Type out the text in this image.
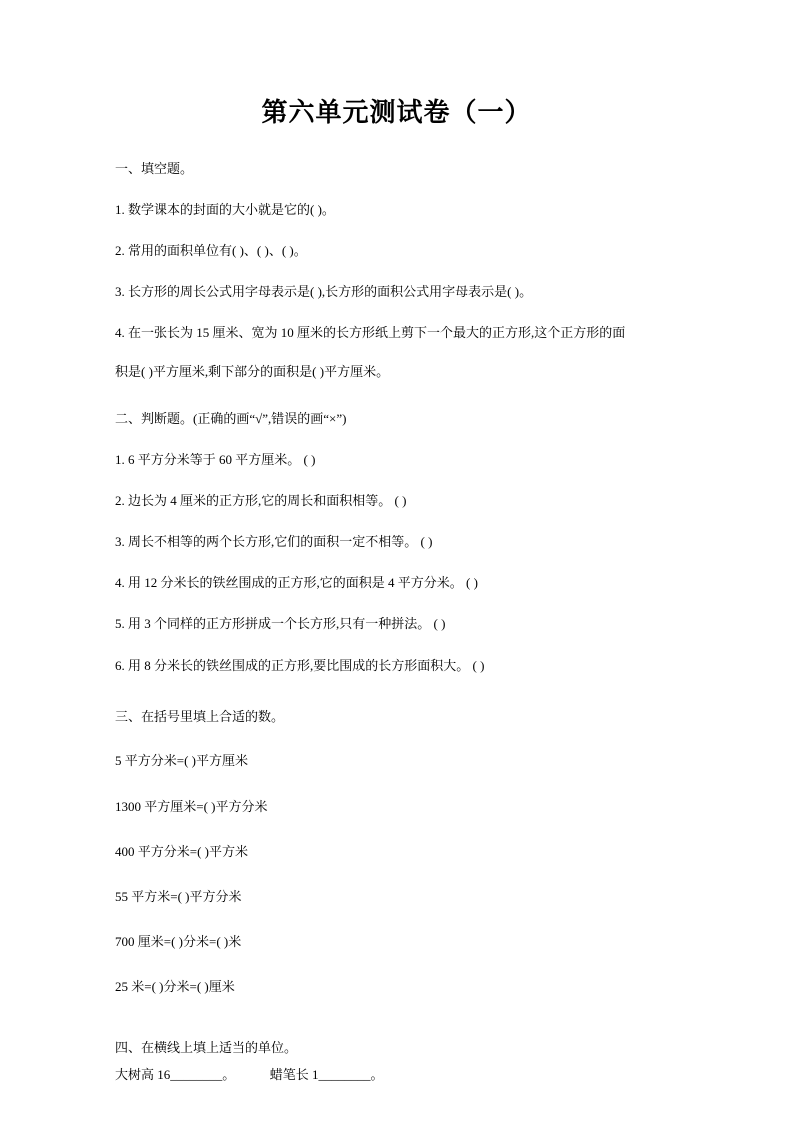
第六单元测试卷（一）
一、填空题。
1. 数学课本的封面的大小就是它的( )。
2. 常用的面积单位有( )、( )、( )。
3. 长方形的周长公式用字母表示是( ),长方形的面积公式用字母表示是( )。
4. 在一张长为 15 厘米、宽为 10 厘米的长方形纸上剪下一个最大的正方形,这个正方形的面
积是( )平方厘米,剩下部分的面积是( )平方厘米。
二、判断题。(正确的画“√”,错误的画“×”)
1. 6 平方分米等于 60 平方厘米。 ( )
2. 边长为 4 厘米的正方形,它的周长和面积相等。 ( )
3. 周长不相等的两个长方形,它们的面积一定不相等。 ( )
4. 用 12 分米长的铁丝围成的正方形,它的面积是 4 平方分米。 ( )
5. 用 3 个同样的正方形拼成一个长方形,只有一种拼法。 ( )
6. 用 8 分米长的铁丝围成的正方形,要比围成的长方形面积大。 ( )
三、在括号里填上合适的数。
5 平方分米=( )平方厘米
1300 平方厘米=( )平方分米
400 平方分米=( )平方米
55 平方米=( )平方分米
700 厘米=( )分米=( )米
25 米=( )分米=( )厘米
四、在横线上填上适当的单位。
大树高 16________。	蜡笔长 1________。
